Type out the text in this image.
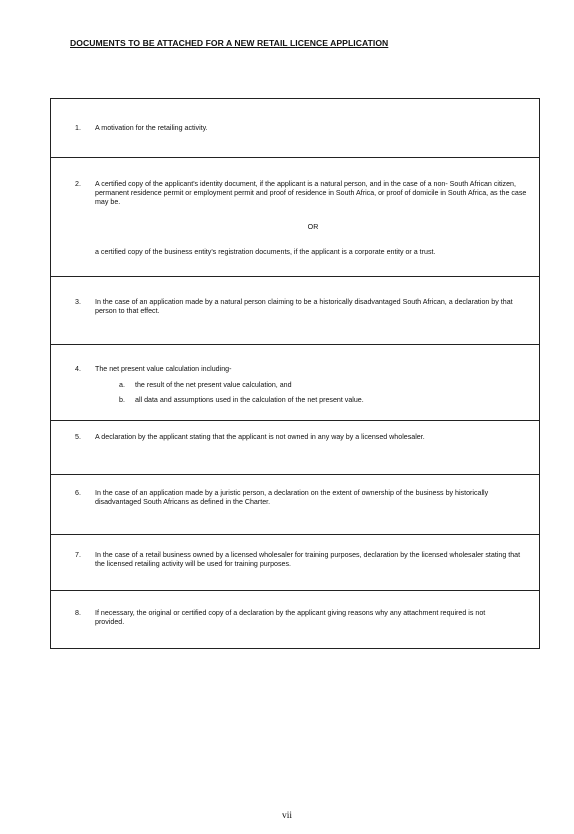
DOCUMENTS TO BE ATTACHED FOR A NEW RETAIL LICENCE APPLICATION
1. A motivation for the retailing activity.
2. A certified copy of the applicant's identity document, if the applicant is a natural person, and in the case of a non- South African citizen, permanent residence permit or employment permit and proof of residence in South Africa, or proof of domicile in South Africa, as the case may be.
OR
a certified copy of the business entity's registration documents, if the applicant is a corporate entity or a trust.
3. In the case of an application made by a natural person claiming to be a historically disadvantaged South African, a declaration by that person to that effect.
4. The net present value calculation including-
a. the result of the net present value calculation, and
b. all data and assumptions used in the calculation of the net present value.
5. A declaration by the applicant stating that the applicant is not owned in any way by a licensed wholesaler.
6. In the case of an application made by a juristic person, a declaration on the extent of ownership of the business by historically disadvantaged South Africans as defined in the Charter.
7. In the case of a retail business owned by a licensed wholesaler for training purposes, declaration by the licensed wholesaler stating that the licensed retailing activity will be used for training purposes.
8. If necessary, the original or certified copy of a declaration by the applicant giving reasons why any attachment required is not provided.
vii
